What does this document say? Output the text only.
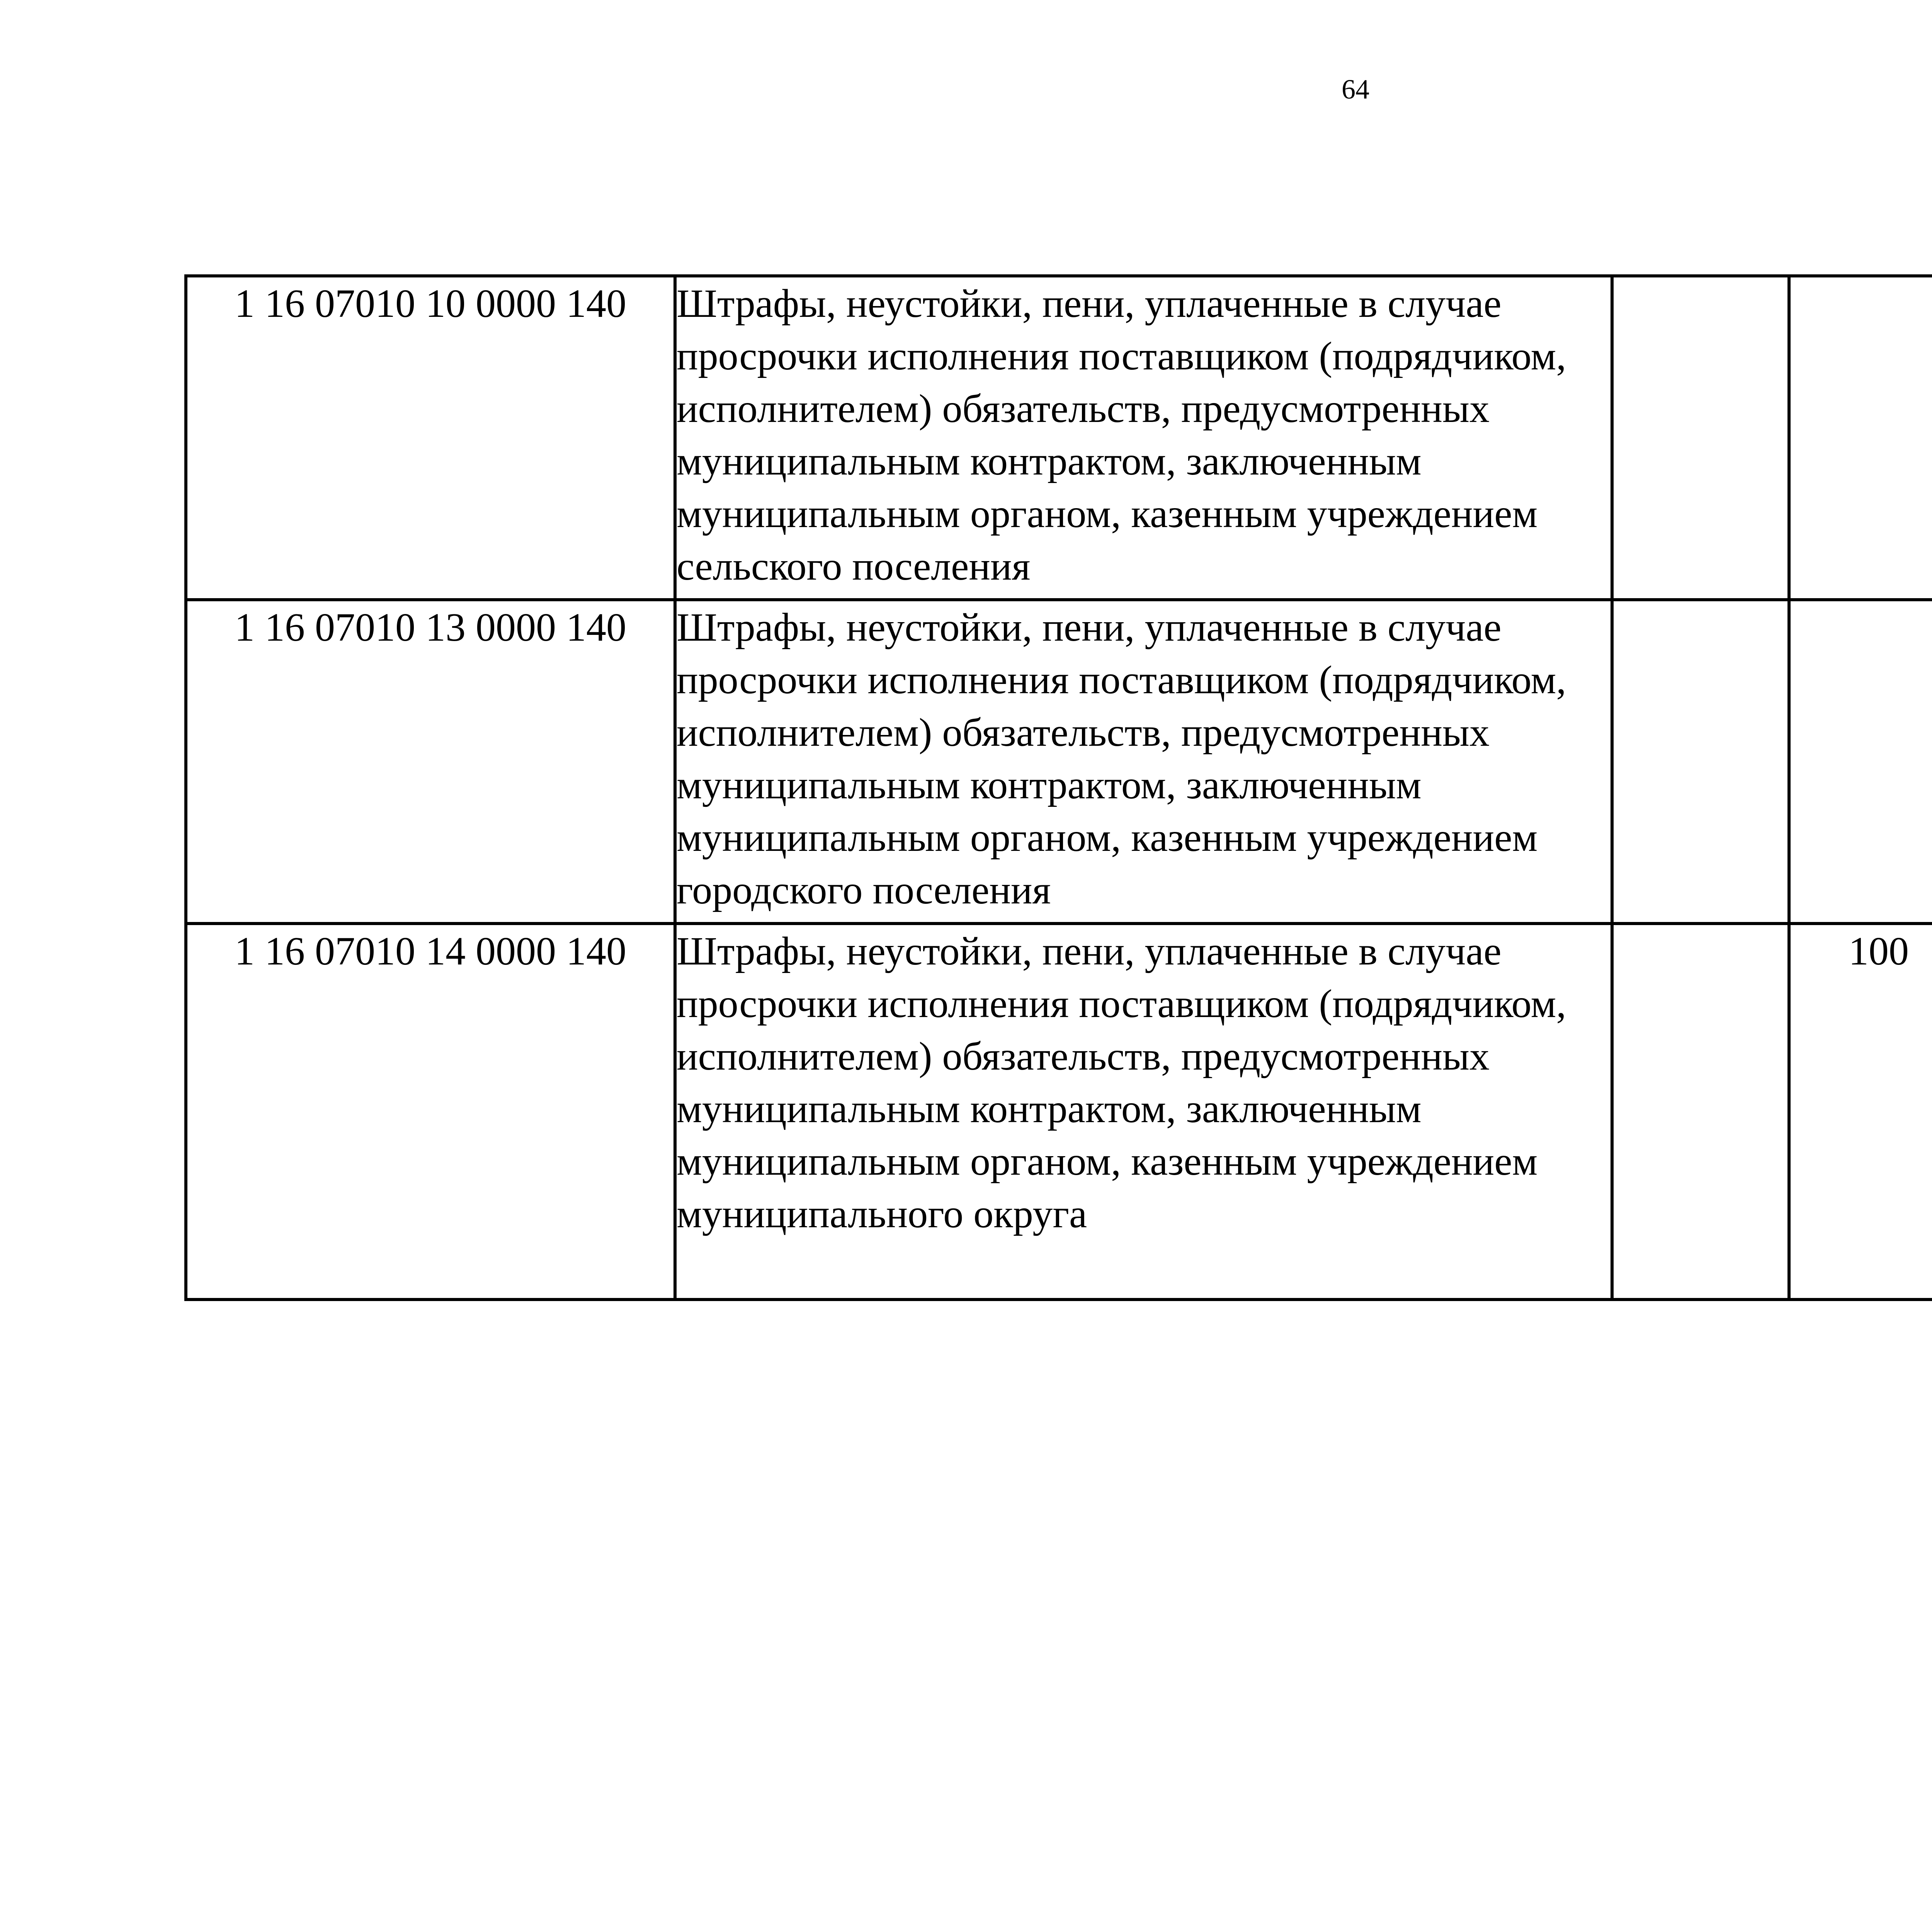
64
1 16 07010 10 0000 140	Штрафы, неустойки, пени, уплаченные в случае просрочки исполнения поставщиком (подрядчиком, исполнителем) обязательств, предусмотренных муниципальным контрактом, заключенным муниципальным органом, казенным учреждением сельского поселения					
1 16 07010 13 0000 140	Штрафы, неустойки, пени, уплаченные в случае просрочки исполнения поставщиком (подрядчиком, исполнителем) обязательств, предусмотренных муниципальным контрактом, заключенным муниципальным органом, казенным учреждением городского поселения					
1 16 07010 14 0000 140	Штрафы, неустойки, пени, уплаченные в случае просрочки исполнения поставщиком (подрядчиком, исполнителем) обязательств, предусмотренных муниципальным контрактом, заключенным муниципальным органом, казенным учреждением муниципального округа		100			
